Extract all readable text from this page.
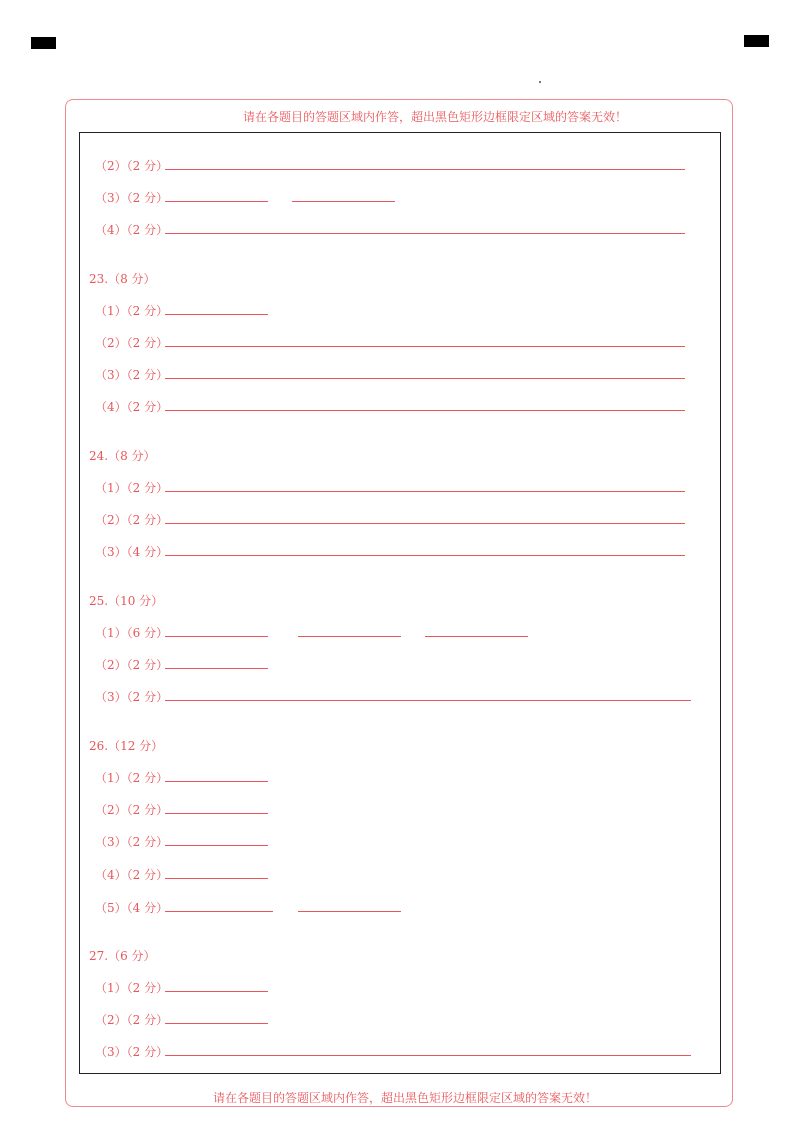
请在各题目的答题区域内作答，超出黑色矩形边框限定区域的答案无效！
请在各题目的答题区域内作答，超出黑色矩形边框限定区域的答案无效！
（2）（2 分）
（3）（2 分）
（4）（2 分）
23.（8 分）
（1）（2 分）
（2）（2 分）
（3）（2 分）
（4）（2 分）
24.（8 分）
（1）（2 分）
（2）（2 分）
（3）（4 分）
25.（10 分）
（1）（6 分）
（2）（2 分）
（3）（2 分）
26.（12 分）
（1）（2 分）
（2）（2 分）
（3）（2 分）
（4）（2 分）
（5）（4 分）
27.（6 分）
（1）（2 分）
（2）（2 分）
（3）（2 分）
